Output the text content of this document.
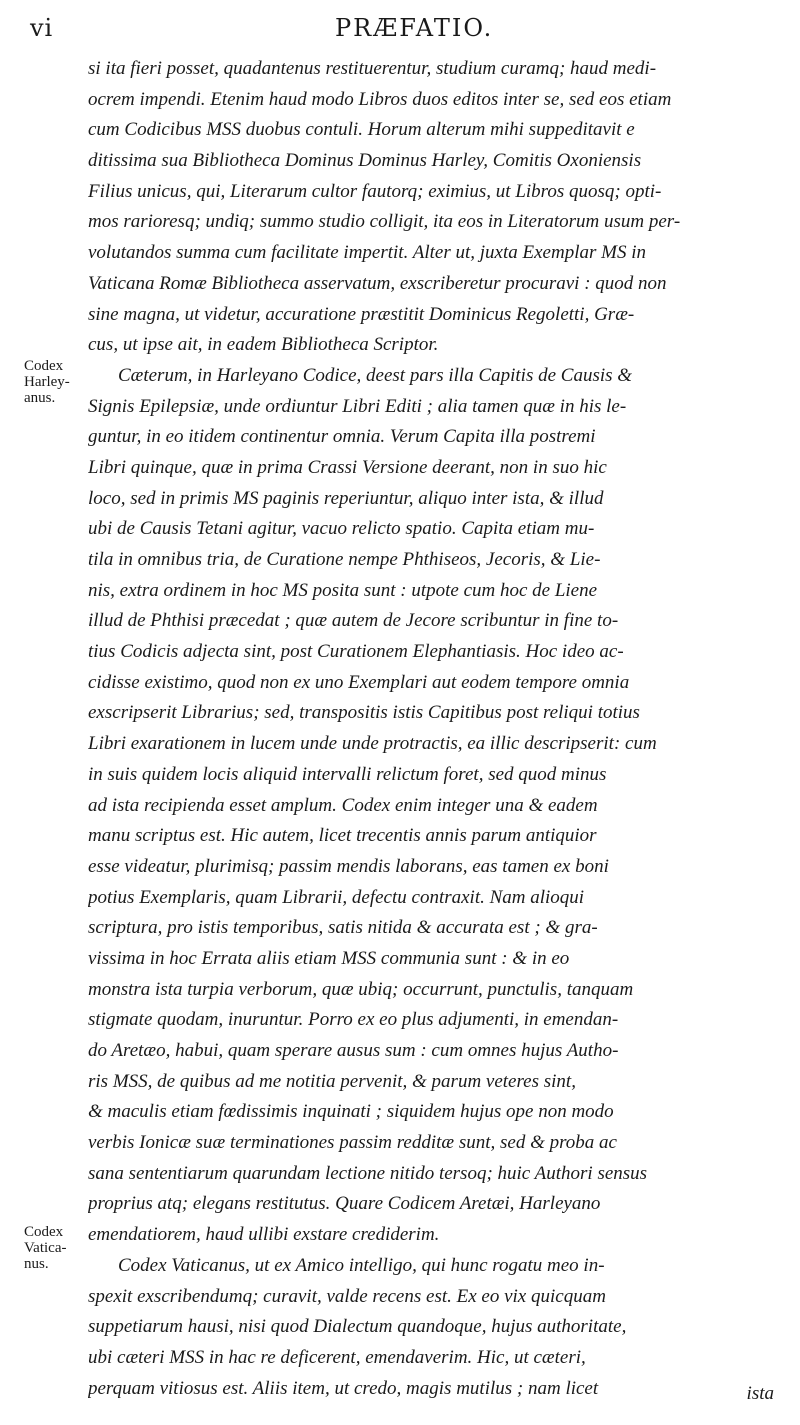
vi	PRÆFATIO.
Codex
Harley-
anus.
Codex
Vatica-
nus.
si ita fieri posset, quadantenus restituerentur, studium curamq; haud medi-
ocrem impendi. Etenim haud modo Libros duos editos inter se, sed eos etiam
cum Codicibus MSS duobus contuli. Horum alterum mihi suppeditavit e
ditissima sua Bibliotheca Dominus Dominus Harley, Comitis Oxoniensis
Filius unicus, qui, Literarum cultor fautorq; eximius, ut Libros quosq; opti-
mos rarioresq; undiq; summo studio colligit, ita eos in Literatorum usum per-
volutandos summa cum facilitate impertit. Alter ut, juxta Exemplar MS in
Vaticana Romæ Bibliotheca asservatum, exscriberetur procuravi : quod non
sine magna, ut videtur, accuratione præstitit Dominicus Regoletti, Græ-
cus, ut ipse ait, in eadem Bibliotheca Scriptor.
Cæterum, in Harleyano Codice, deest pars illa Capitis de Causis &
Signis Epilepsiæ, unde ordiuntur Libri Editi ; alia tamen quæ in his le-
guntur, in eo itidem continentur omnia. Verum Capita illa postremi
Libri quinque, quæ in prima Crassi Versione deerant, non in suo hic
loco, sed in primis MS paginis reperiuntur, aliquo inter ista, & illud
ubi de Causis Tetani agitur, vacuo relicto spatio. Capita etiam mu-
tila in omnibus tria, de Curatione nempe Phthiseos, Jecoris, & Lie-
nis, extra ordinem in hoc MS posita sunt : utpote cum hoc de Liene
illud de Phthisi præcedat ; quæ autem de Jecore scribuntur in fine to-
tius Codicis adjecta sint, post Curationem Elephantiasis. Hoc ideo ac-
cidisse existimo, quod non ex uno Exemplari aut eodem tempore omnia
exscripserit Librarius; sed, transpositis istis Capitibus post reliqui totius
Libri exarationem in lucem unde unde protractis, ea illic descripserit: cum
in suis quidem locis aliquid intervalli relictum foret, sed quod minus
ad ista recipienda esset amplum. Codex enim integer una & eadem
manu scriptus est. Hic autem, licet trecentis annis parum antiquior
esse videatur, plurimisq; passim mendis laborans, eas tamen ex boni
potius Exemplaris, quam Librarii, defectu contraxit. Nam alioqui
scriptura, pro istis temporibus, satis nitida & accurata est ; & gra-
vissima in hoc Errata aliis etiam MSS communia sunt : & in eo
monstra ista turpia verborum, quæ ubiq; occurrunt, punctulis, tanquam
stigmate quodam, inuruntur. Porro ex eo plus adjumenti, in emendan-
do Aretæo, habui, quam sperare ausus sum : cum omnes hujus Autho-
ris MSS, de quibus ad me notitia pervenit, & parum veteres sint,
& maculis etiam fœdissimis inquinati ; siquidem hujus ope non modo
verbis Ionicæ suæ terminationes passim redditæ sunt, sed & proba ac
sana sententiarum quarundam lectione nitido tersoq; huic Authori sensus
proprius atq; elegans restitutus. Quare Codicem Aretæi, Harleyano
emendatiorem, haud ullibi exstare crediderim.
Codex Vaticanus, ut ex Amico intelligo, qui hunc rogatu meo in-
spexit exscribendumq; curavit, valde recens est. Ex eo vix quicquam
suppetiarum hausi, nisi quod Dialectum quandoque, hujus authoritate,
ubi cæteri MSS in hac re deficerent, emendaverim. Hic, ut cæteri,
perquam vitiosus est. Aliis item, ut credo, magis mutilus ; nam licet	ista
